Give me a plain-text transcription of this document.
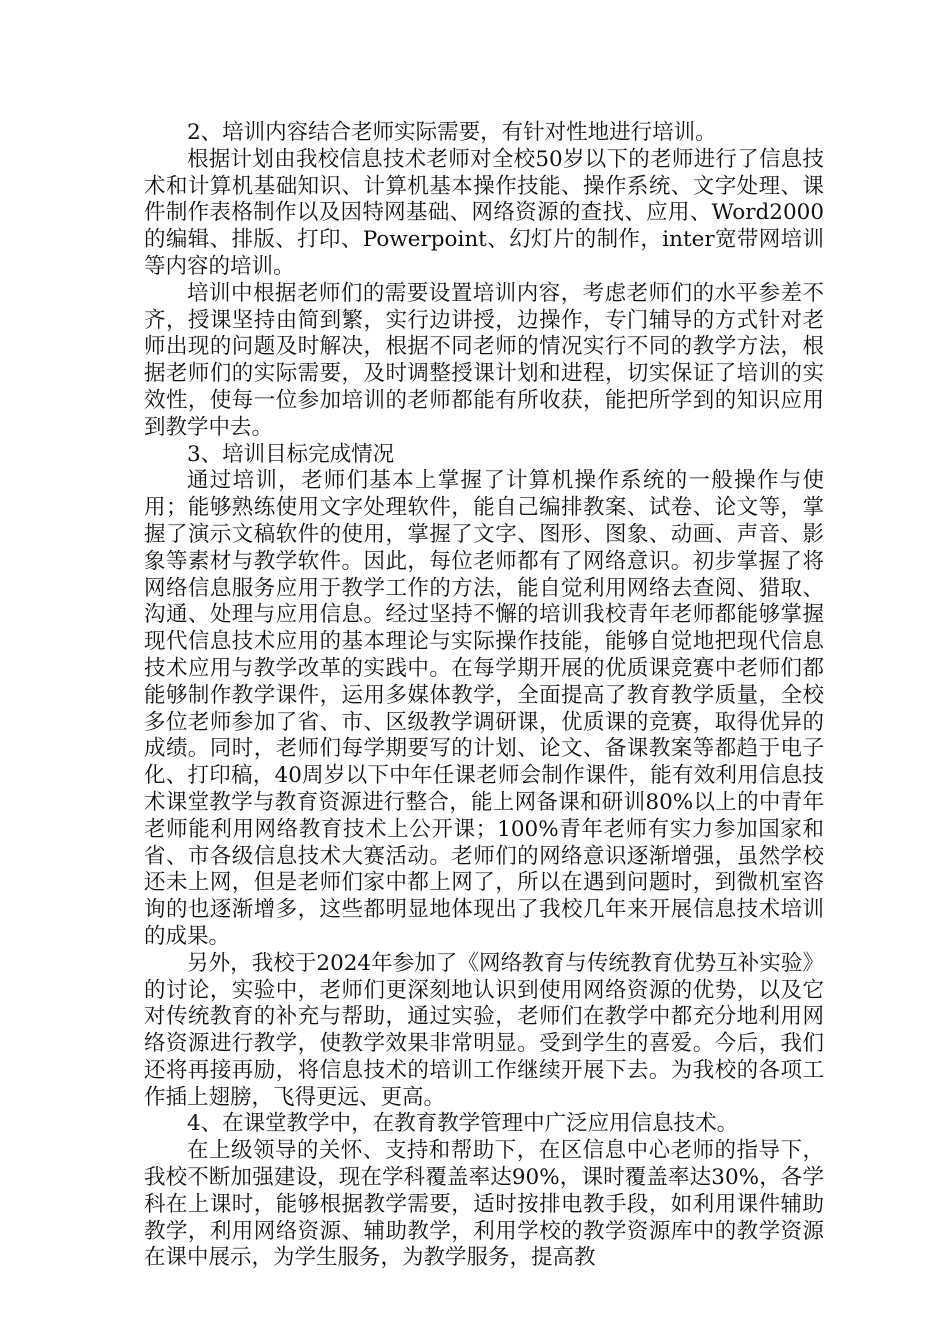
2、培训内容结合老师实际需要，有针对性地进行培训。

根据计划由我校信息技术老师对全校50岁以下的老师进行了信息技术和计算机基础知识、计算机基本操作技能、操作系统、文字处理、课件制作表格制作以及因特网基础、网络资源的查找、应用、Word2000的编辑、排版、打印、Powerpoint、幻灯片的制作，inter宽带网培训等内容的培训。

培训中根据老师们的需要设置培训内容，考虑老师们的水平参差不齐，授课坚持由简到繁，实行边讲授，边操作，专门辅导的方式针对老师出现的问题及时解决，根据不同老师的情况实行不同的教学方法，根据老师们的实际需要，及时调整授课计划和进程，切实保证了培训的实效性，使每一位参加培训的老师都能有所收获，能把所学到的知识应用到教学中去。

3、培训目标完成情况

通过培训，老师们基本上掌握了计算机操作系统的一般操作与使用；能够熟练使用文字处理软件，能自己编排教案、试卷、论文等，掌握了演示文稿软件的使用，掌握了文字、图形、图象、动画、声音、影象等素材与教学软件。因此，每位老师都有了网络意识。初步掌握了将网络信息服务应用于教学工作的方法，能自觉利用网络去查阅、猎取、沟通、处理与应用信息。经过坚持不懈的培训我校青年老师都能够掌握现代信息技术应用的基本理论与实际操作技能，能够自觉地把现代信息技术应用与教学改革的实践中。在每学期开展的优质课竞赛中老师们都能够制作教学课件，运用多媒体教学，全面提高了教育教学质量，全校多位老师参加了省、市、区级教学调研课，优质课的竞赛，取得优异的成绩。同时，老师们每学期要写的计划、论文、备课教案等都趋于电子化、打印稿，40周岁以下中年任课老师会制作课件，能有效利用信息技术课堂教学与教育资源进行整合，能上网备课和研训80%以上的中青年老师能利用网络教育技术上公开课；100%青年老师有实力参加国家和省、市各级信息技术大赛活动。老师们的网络意识逐渐增强，虽然学校还未上网，但是老师们家中都上网了，所以在遇到问题时，到微机室咨询的也逐渐增多，这些都明显地体现出了我校几年来开展信息技术培训的成果。

另外，我校于2024年参加了《网络教育与传统教育优势互补实验》的讨论，实验中，老师们更深刻地认识到使用网络资源的优势，以及它对传统教育的补充与帮助，通过实验，老师们在教学中都充分地利用网络资源进行教学，使教学效果非常明显。受到学生的喜爱。今后，我们还将再接再励，将信息技术的培训工作继续开展下去。为我校的各项工作插上翅膀，飞得更远、更高。

4、在课堂教学中，在教育教学管理中广泛应用信息技术。

在上级领导的关怀、支持和帮助下，在区信息中心老师的指导下，我校不断加强建设，现在学科覆盖率达90%，课时覆盖率达30%，各学科在上课时，能够根据教学需要，适时按排电教手段，如利用课件辅助教学，利用网络资源、辅助教学，利用学校的教学资源库中的教学资源在课中展示，为学生服务，为教学服务，提高教
